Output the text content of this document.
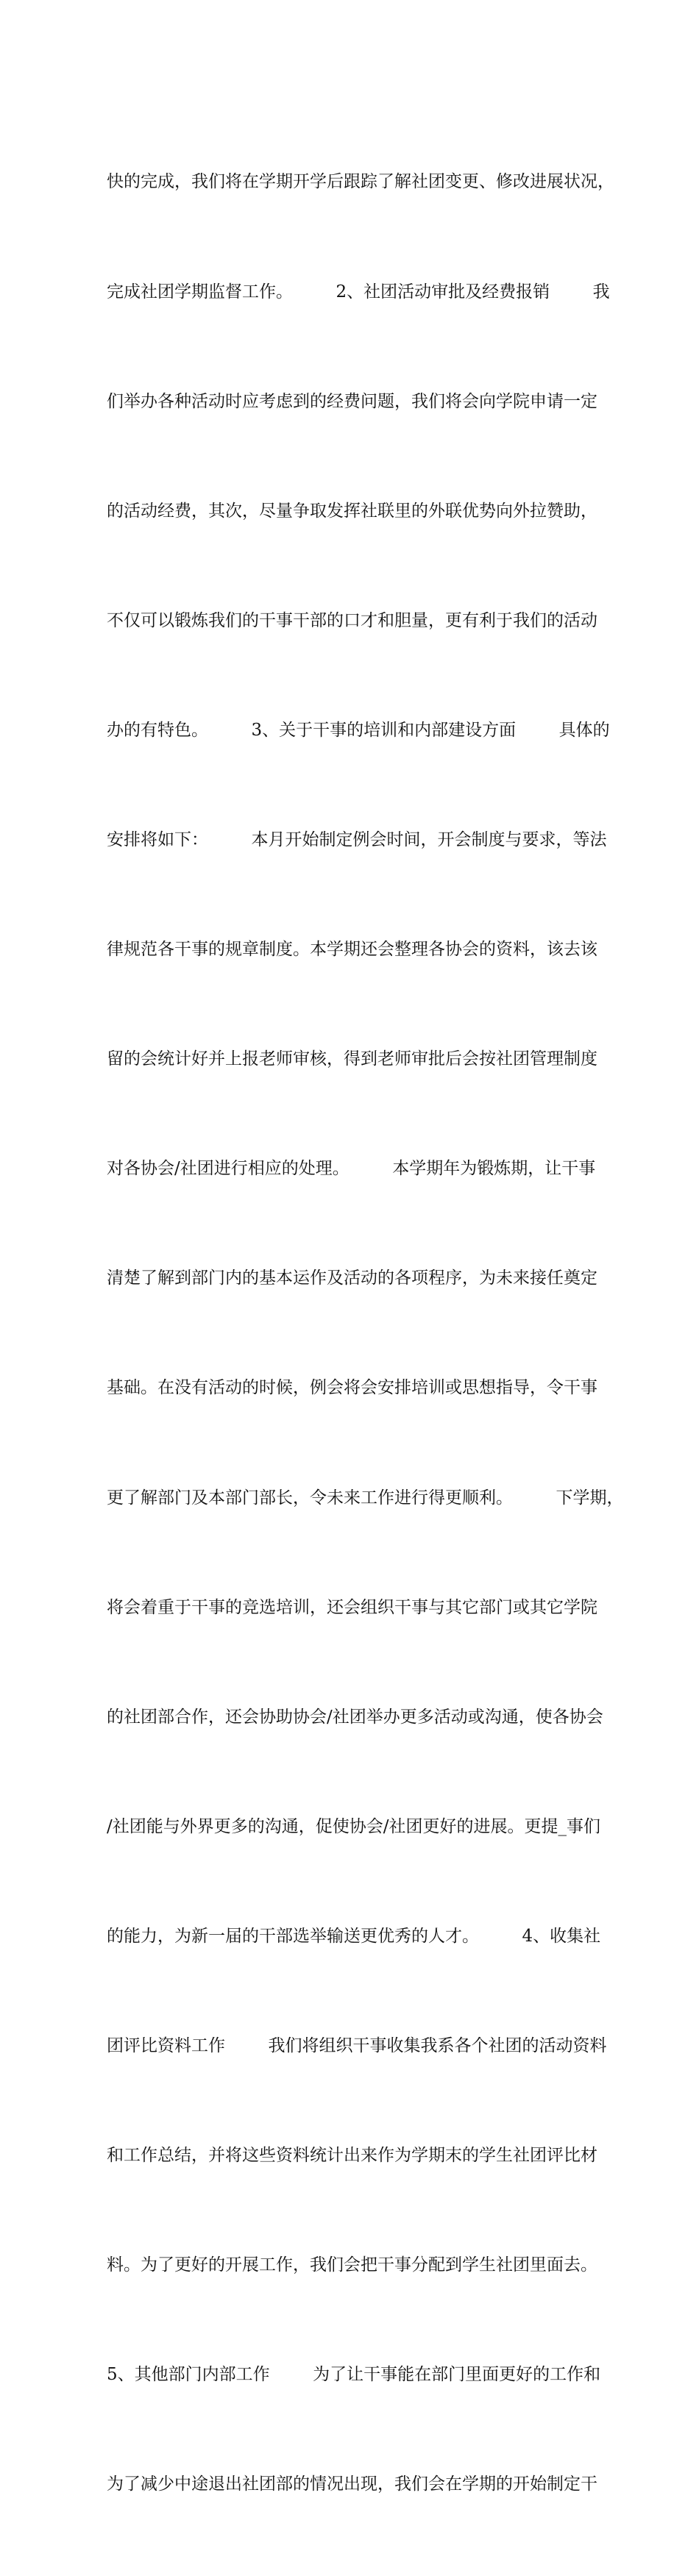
快的完成，我们将在学期开学后跟踪了解社团变更、修改进展状况，

完成社团学期监督工作。        2、社团活动审批及经费报销        我

们举办各种活动时应考虑到的经费问题，我们将会向学院申请一定

的活动经费，其次，尽量争取发挥社联里的外联优势向外拉赞助，

不仅可以锻炼我们的干事干部的口才和胆量，更有利于我们的活动

办的有特色。        3、关于干事的培训和内部建设方面        具体的

安排将如下：        本月开始制定例会时间，开会制度与要求，等法

律规范各干事的规章制度。本学期还会整理各协会的资料，该去该

留的会统计好并上报老师审核，得到老师审批后会按社团管理制度

对各协会/社团进行相应的处理。        本学期年为锻炼期，让干事

清楚了解到部门内的基本运作及活动的各项程序，为未来接任奠定

基础。在没有活动的时候，例会将会安排培训或思想指导，令干事

更了解部门及本部门部长，令未来工作进行得更顺利。        下学期，

将会着重于干事的竞选培训，还会组织干事与其它部门或其它学院

的社团部合作，还会协助协会/社团举办更多活动或沟通，使各协会

/社团能与外界更多的沟通，促使协会/社团更好的进展。更提_事们

的能力，为新一届的干部选举输送更优秀的人才。        4、收集社

团评比资料工作        我们将组织干事收集我系各个社团的活动资料

和工作总结，并将这些资料统计出来作为学期末的学生社团评比材

料。为了更好的开展工作，我们会把干事分配到学生社团里面去。

5、其他部门内部工作        为了让干事能在部门里面更好的工作和

为了减少中途退出社团部的情况出现，我们会在学期的开始制定干
